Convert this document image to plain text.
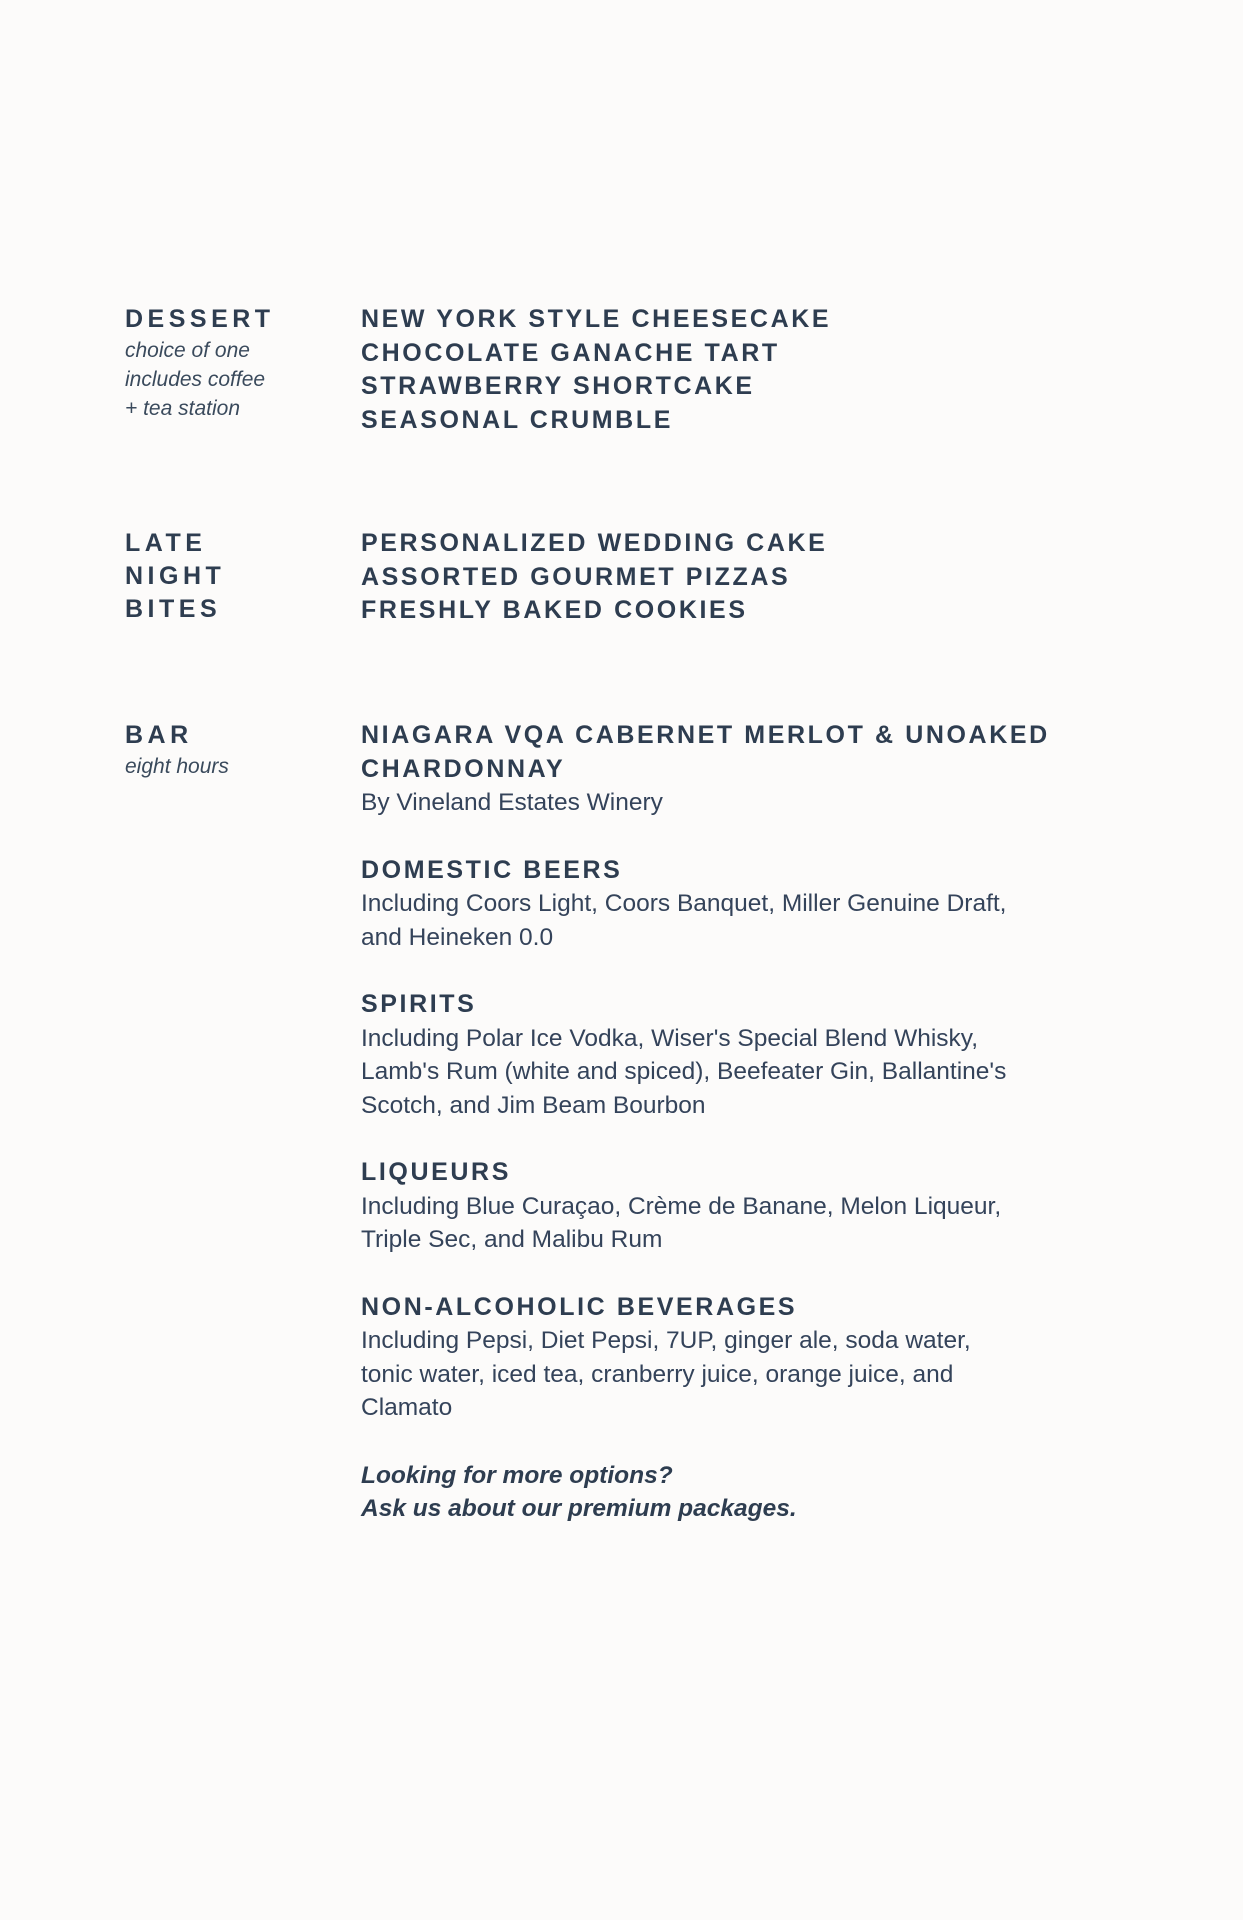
DESSERT

choice of one

includes coffee

+ tea station

NEW YORK STYLE CHEESECAKE

CHOCOLATE GANACHE TART

STRAWBERRY SHORTCAKE

SEASONAL CRUMBLE

LATE

NIGHT

BITES

PERSONALIZED WEDDING CAKE

ASSORTED GOURMET PIZZAS

FRESHLY BAKED COOKIES

BAR

eight hours

NIAGARA VQA CABERNET MERLOT & UNOAKED

CHARDONNAY

By Vineland Estates Winery

DOMESTIC BEERS

Including Coors Light, Coors Banquet, Miller Genuine Draft,

and Heineken 0.0

SPIRITS

Including Polar Ice Vodka, Wiser's Special Blend Whisky,

Lamb's Rum (white and spiced), Beefeater Gin, Ballantine's

Scotch, and Jim Beam Bourbon

LIQUEURS

Including Blue Curaçao, Crème de Banane, Melon Liqueur,

Triple Sec, and Malibu Rum

NON-ALCOHOLIC BEVERAGES

Including Pepsi, Diet Pepsi, 7UP, ginger ale, soda water,

tonic water, iced tea, cranberry juice, orange juice, and

Clamato

Looking for more options?

Ask us about our premium packages.
